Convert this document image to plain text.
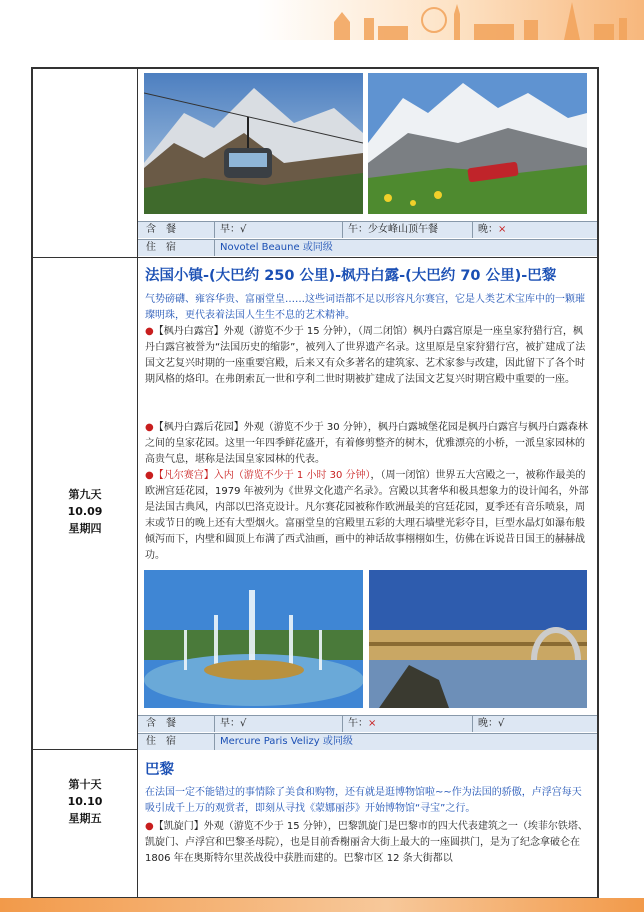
含　餐	早：√	午：少女峰山顶午餐	晚：×
住　宿	Novotel Beaune 或同级
第九天
10.09
星期四
法国小镇-(大巴约 250 公里)-枫丹白露-(大巴约 70 公里)-巴黎

气势磅礴、雍容华贵、富丽堂皇……这些词语都不足以形容凡尔赛宫，它是人类艺术宝库中的一颗璀璨明珠，更代表着法国人生生不息的艺术精神。

●【枫丹白露宫】外观（游览不少于 15 分钟），（周二闭馆）枫丹白露宫原是一座皇家狩猎行宫，枫丹白露宫被誉为“法国历史的缩影”，被列入了世界遗产名录。这里原是皇家狩猎行宫，被扩建成了法国文艺复兴时期的一座重要宫殿，后来又有众多著名的建筑家、艺术家参与改建，因此留下了各个时期风格的烙印。在弗朗索瓦一世和亨利二世时期被扩建成了法国文艺复兴时期宫殿中重要的一座。

●【枫丹白露后花园】外观（游览不少于 30 分钟），枫丹白露城堡花园是枫丹白露宫与枫丹白露森林之间的皇家花园。这里一年四季鲜花盛开，有着修剪整齐的树木，优雅漂亮的小桥，一派皇家园林的高贵气息，堪称是法国皇家园林的代表。

●【凡尔赛宫】入内（游览不少于 1 小时 30 分钟），（周一闭馆）世界五大宫殿之一，被称作最美的欧洲宫廷花园，1979 年被列为《世界文化遗产名录》。宫殿以其奢华和极具想象力的设计闻名，外部是法国古典风，内部以巴洛克设计。凡尔赛花园被称作欧洲最美的宫廷花园，夏季还有音乐喷泉，周末或节日的晚上还有大型烟火。富丽堂皇的宫殿里五彩的大理石墙壁光彩夺目，巨型水晶灯如瀑布般倾泻而下，内壁和圆顶上布满了西式油画，画中的神话故事栩栩如生，仿佛在诉说昔日国王的赫赫战功。

含　餐	早：√	午：×	晚：√
住　宿	Mercure Paris Velizy 或同级
第十天
10.10
星期五
巴黎

在法国一定不能错过的事情除了美食和购物，还有就是逛博物馆啦~~作为法国的骄傲，卢浮宫每天吸引成千上万的观赏者，即刻从寻找《蒙娜丽莎》开始博物馆“寻宝”之行。

●【凯旋门】外观（游览不少于 15 分钟），巴黎凯旋门是巴黎市的四大代表建筑之一（埃菲尔铁塔、凯旋门、卢浮宫和巴黎圣母院），也是目前香榭丽舍大街上最大的一座圆拱门，是为了纪念拿破仑在 1806 年在奥斯特尔里茨战役中获胜而建的。巴黎市区 12 条大街都以
